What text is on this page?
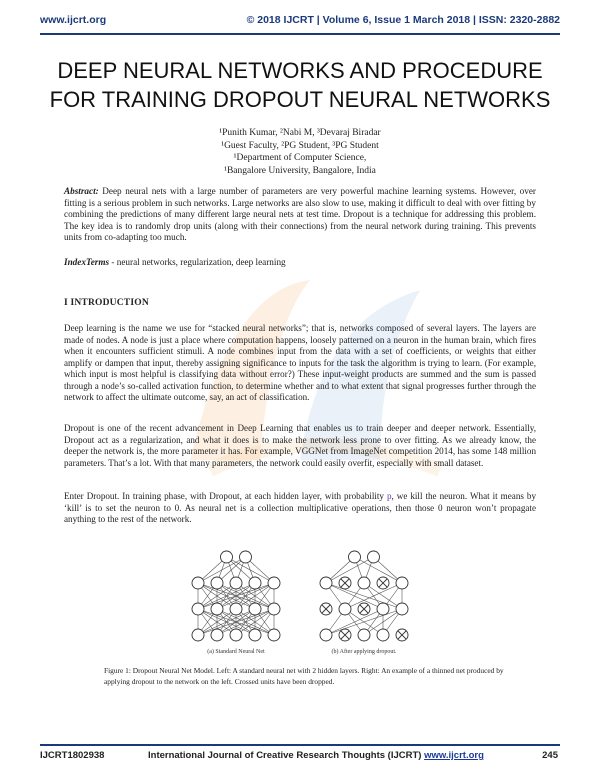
www.ijcrt.org	© 2018 IJCRT | Volume 6, Issue 1 March 2018 | ISSN: 2320-2882
DEEP NEURAL NETWORKS AND PROCEDURE
FOR TRAINING DROPOUT NEURAL NETWORKS
¹Punith Kumar, ²Nabi M, ³Devaraj Biradar
¹Guest Faculty, ²PG Student, ³PG Student
¹Department of Computer Science,
¹Bangalore University, Bangalore, India
Abstract: Deep neural nets with a large number of parameters are very powerful machine learning systems. However, over fitting is a serious problem in such networks. Large networks are also slow to use, making it difficult to deal with over fitting by combining the predictions of many different large neural nets at test time. Dropout is a technique for addressing this problem. The key idea is to randomly drop units (along with their connections) from the neural network during training. This prevents units from co-adapting too much.
IndexTerms - neural networks, regularization, deep learning
I INTRODUCTION

Deep learning is the name we use for “stacked neural networks”; that is, networks composed of several layers. The layers are made of nodes. A node is just a place where computation happens, loosely patterned on a neuron in the human brain, which fires when it encounters sufficient stimuli. A node combines input from the data with a set of coefficients, or weights that either amplify or dampen that input, thereby assigning significance to inputs for the task the algorithm is trying to learn. (For example, which input is most helpful is classifying data without error?) These input-weight products are summed and the sum is passed through a node’s so-called activation function, to determine whether and to what extent that signal progresses further through the network to affect the ultimate outcome, say, an act of classification.

Dropout is one of the recent advancement in Deep Learning that enables us to train deeper and deeper network. Essentially, Dropout act as a regularization, and what it does is to make the network less prone to over fitting. As we already know, the deeper the network is, the more parameter it has. For example, VGGNet from ImageNet competition 2014, has some 148 million parameters. That’s a lot. With that many parameters, the network could easily overfit, especially with small dataset.

Enter Dropout. In training phase, with Dropout, at each hidden layer, with probability p, we kill the neuron. What it means by ‘kill’ is to set the neuron to 0. As neural net is a collection multiplicative operations, then those 0 neuron won’t propagate anything to the rest of the network.

(a) Standard Neural Net	(b) After applying dropout.

Figure 1: Dropout Neural Net Model. Left: A standard neural net with 2 hidden layers. Right: An example of a thinned net produced by applying dropout to the network on the left. Crossed units have been dropped.

IJCRT1802938	International Journal of Creative Research Thoughts (IJCRT) www.ijcrt.org	245
